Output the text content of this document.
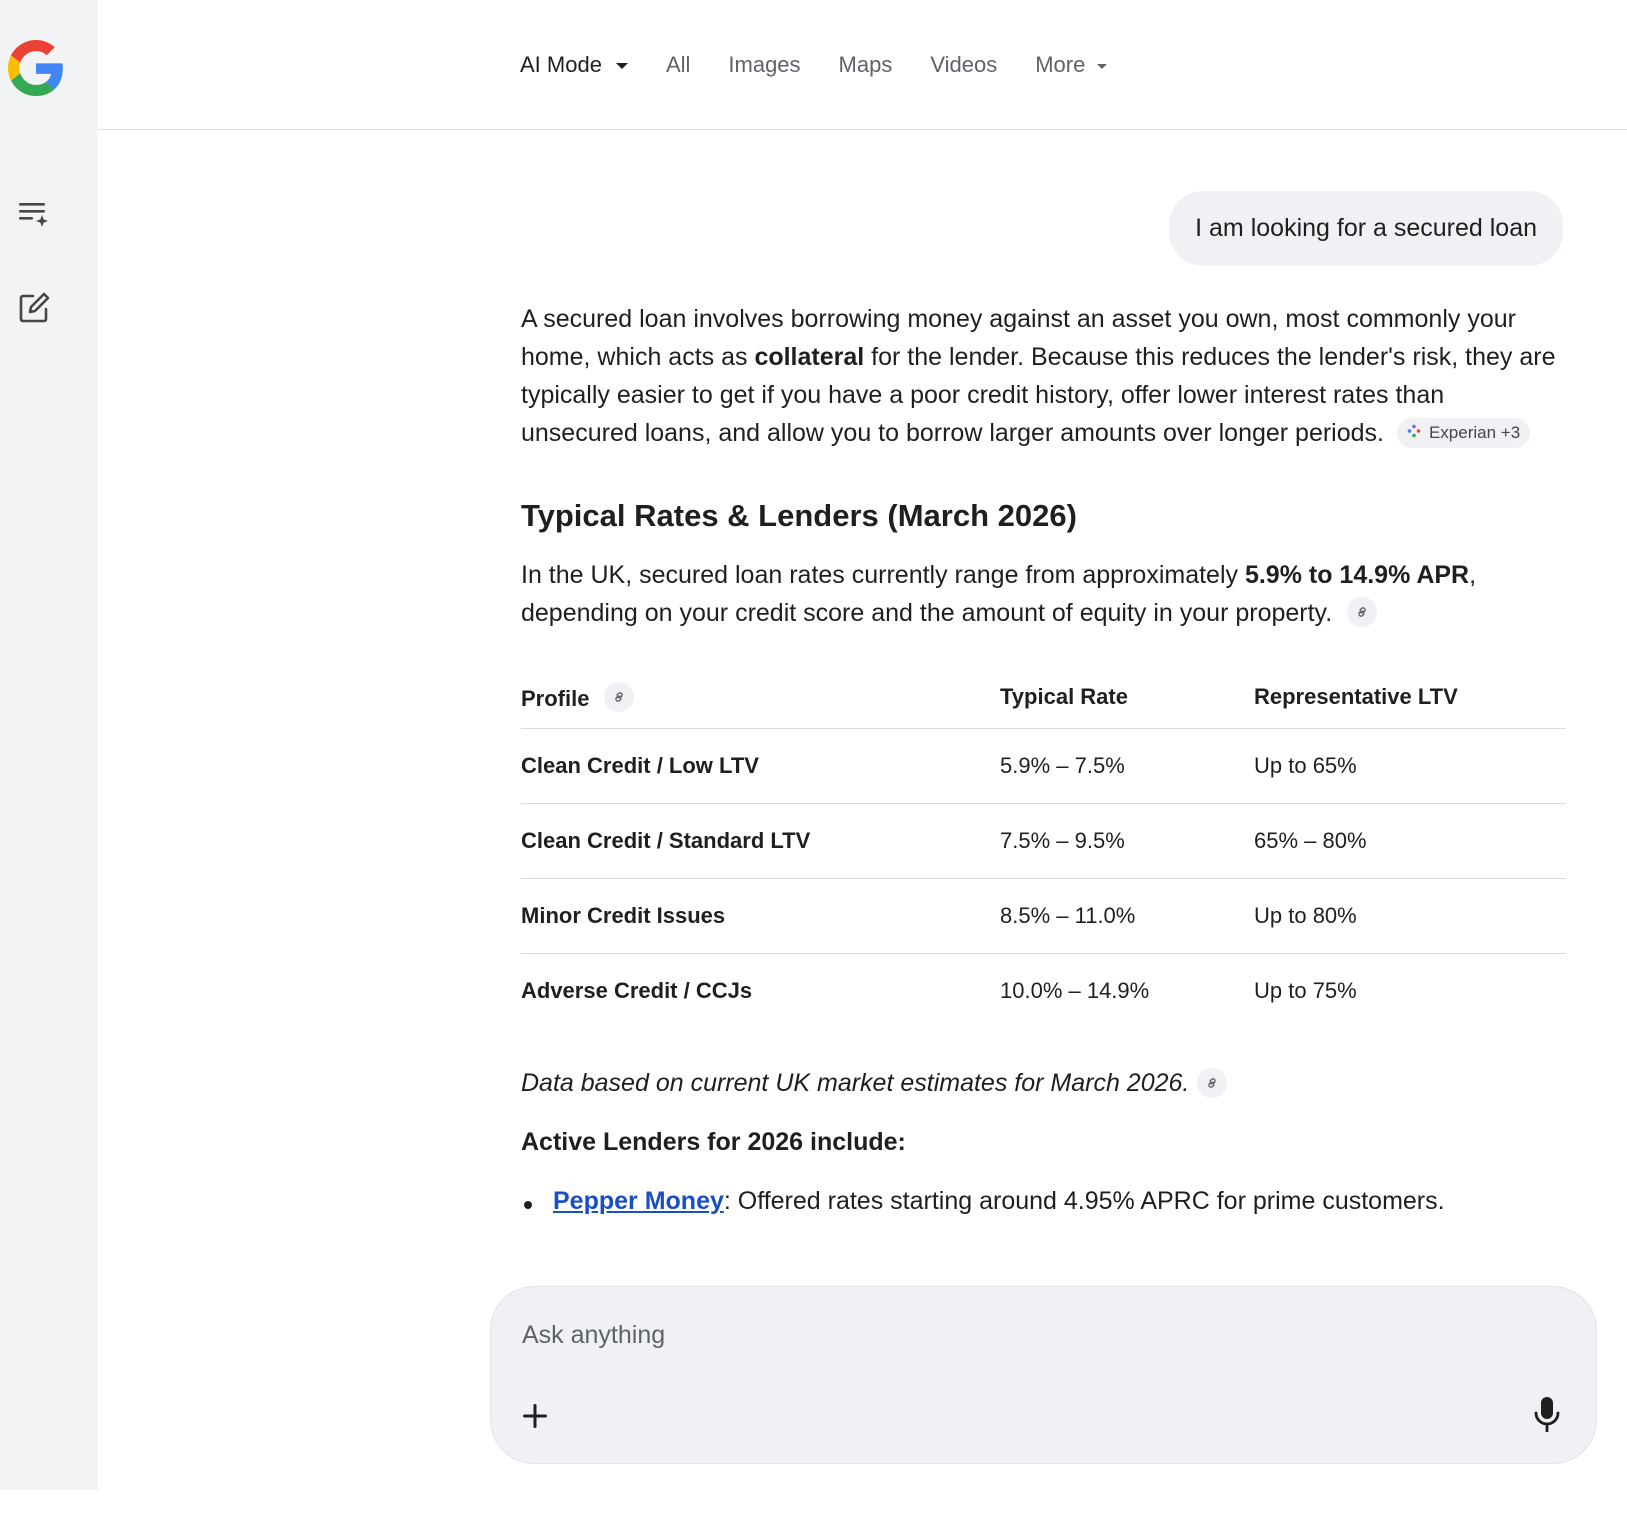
AI Mode	All Images Maps Videos More
I am looking for a secured loan

A secured loan involves borrowing money against an asset you own, most commonly your home, which acts as collateral for the lender. Because this reduces the lender's risk, they are typically easier to get if you have a poor credit history, offer lower interest rates than unsecured loans, and allow you to borrow larger amounts over longer periods.	Experian +3

Typical Rates & Lenders (March 2026)

In the UK, secured loan rates currently range from approximately 5.9% to 14.9% APR, depending on your credit score and the amount of equity in your property.

Profile	Typical Rate	Representative LTV
Clean Credit / Low LTV	5.9% – 7.5%	Up to 65%
Clean Credit / Standard LTV	7.5% – 9.5%	65% – 80%
Minor Credit Issues	8.5% – 11.0%	Up to 80%
Adverse Credit / CCJs	10.0% – 14.9%	Up to 75%

Data based on current UK market estimates for March 2026.

Active Lenders for 2026 include:
Pepper Money: Offered rates starting around 4.95% APRC for prime customers.
Ask anything
